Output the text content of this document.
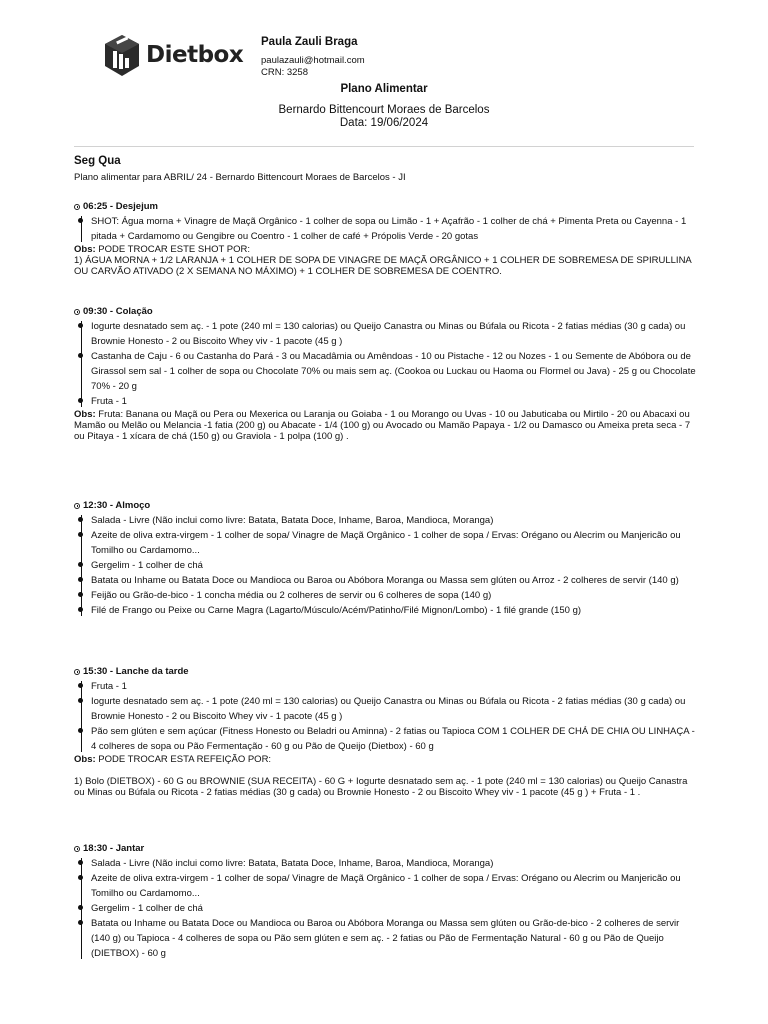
Dietbox Paula Zauli Braga
paulazauli@hotmail.com
CRN: 3258
Plano Alimentar
Bernardo Bittencourt Moraes de Barcelos
Data: 19/06/2024
Seg Qua
Plano alimentar para ABRIL/ 24 - Bernardo Bittencourt Moraes de Barcelos - JI
06:25 - Desjejum
SHOT: Água morna + Vinagre de Maçã Orgânico - 1 colher de sopa ou Limão - 1 + Açafrão - 1 colher de chá + Pimenta Preta ou Cayenna - 1 pitada + Cardamomo ou Gengibre ou Coentro - 1 colher de café + Própolis Verde - 20 gotas
Obs: PODE TROCAR ESTE SHOT POR:
1) ÁGUA MORNA + 1/2 LARANJA + 1 COLHER DE SOPA DE VINAGRE DE MAÇÃ ORGÂNICO + 1 COLHER DE SOBREMESA DE SPIRULLINA OU CARVÃO ATIVADO (2 X SEMANA NO MÁXIMO) + 1 COLHER DE SOBREMESA DE COENTRO.
09:30 - Colação
Iogurte desnatado sem aç. - 1 pote (240 ml = 130 calorias) ou Queijo Canastra ou Minas ou Búfala ou Ricota - 2 fatias médias (30 g cada) ou Brownie Honesto - 2 ou Biscoito Whey viv - 1 pacote (45 g )
Castanha de Caju - 6 ou Castanha do Pará - 3 ou Macadâmia ou Amêndoas - 10 ou Pistache - 12 ou Nozes - 1 ou Semente de Abóbora ou de Girassol sem sal - 1 colher de sopa ou Chocolate 70% ou mais sem aç. (Cookoa ou Luckau ou Haoma ou Flormel ou Java) - 25 g ou Chocolate 70% - 20 g
Fruta - 1
Obs: Fruta: Banana ou Maçã ou Pera ou Mexerica ou Laranja ou Goiaba - 1 ou Morango ou Uvas - 10 ou Jabuticaba ou Mirtilo - 20 ou Abacaxi ou Mamão ou Melão ou Melancia -1 fatia (200 g) ou Abacate - 1/4 (100 g) ou Avocado ou Mamão Papaya - 1/2 ou Damasco ou Ameixa preta seca - 7 ou Pitaya - 1 xícara de chá (150 g) ou Graviola - 1 polpa (100 g) .
12:30 - Almoço
Salada - Livre (Não inclui como livre: Batata, Batata Doce, Inhame, Baroa, Mandioca, Moranga)
Azeite de oliva extra-virgem - 1 colher de sopa/ Vinagre de Maçã Orgânico - 1 colher de sopa / Ervas: Orégano ou Alecrim ou Manjericão ou Tomilho ou Cardamomo...
Gergelim - 1 colher de chá
Batata ou Inhame ou Batata Doce ou Mandioca ou Baroa ou Abóbora Moranga ou Massa sem glúten ou Arroz - 2 colheres de servir (140 g)
Feijão ou Grão-de-bico - 1 concha média ou 2 colheres de servir ou 6 colheres de sopa (140 g)
Filé de Frango ou Peixe ou Carne Magra (Lagarto/Músculo/Acém/Patinho/Filé Mignon/Lombo) - 1 filé grande (150 g)
15:30 - Lanche da tarde
Fruta - 1
Iogurte desnatado sem aç. - 1 pote (240 ml = 130 calorias) ou Queijo Canastra ou Minas ou Búfala ou Ricota - 2 fatias médias (30 g cada) ou Brownie Honesto - 2 ou Biscoito Whey viv - 1 pacote (45 g )
Pão sem glúten e sem açúcar (Fitness Honesto ou Beladri ou Aminna) - 2 fatias ou Tapioca COM 1 COLHER DE CHÁ DE CHIA OU LINHAÇA - 4 colheres de sopa ou Pão Fermentação - 60 g ou Pão de Queijo (Dietbox) - 60 g
Obs: PODE TROCAR ESTA REFEIÇÃO POR:
1) Bolo (DIETBOX) - 60 G ou BROWNIE (SUA RECEITA) - 60 G + Iogurte desnatado sem aç. - 1 pote (240 ml = 130 calorias) ou Queijo Canastra ou Minas ou Búfala ou Ricota - 2 fatias médias (30 g cada) ou Brownie Honesto - 2 ou Biscoito Whey viv - 1 pacote (45 g ) + Fruta - 1 .
18:30 - Jantar
Salada - Livre (Não inclui como livre: Batata, Batata Doce, Inhame, Baroa, Mandioca, Moranga)
Azeite de oliva extra-virgem - 1 colher de sopa/ Vinagre de Maçã Orgânico - 1 colher de sopa / Ervas: Orégano ou Alecrim ou Manjericão ou Tomilho ou Cardamomo...
Gergelim - 1 colher de chá
Batata ou Inhame ou Batata Doce ou Mandioca ou Baroa ou Abóbora Moranga ou Massa sem glúten ou Grão-de-bico - 2 colheres de servir (140 g) ou Tapioca - 4 colheres de sopa ou Pão sem glúten e sem aç. - 2 fatias ou Pão de Fermentação Natural - 60 g ou Pão de Queijo (DIETBOX) - 60 g
